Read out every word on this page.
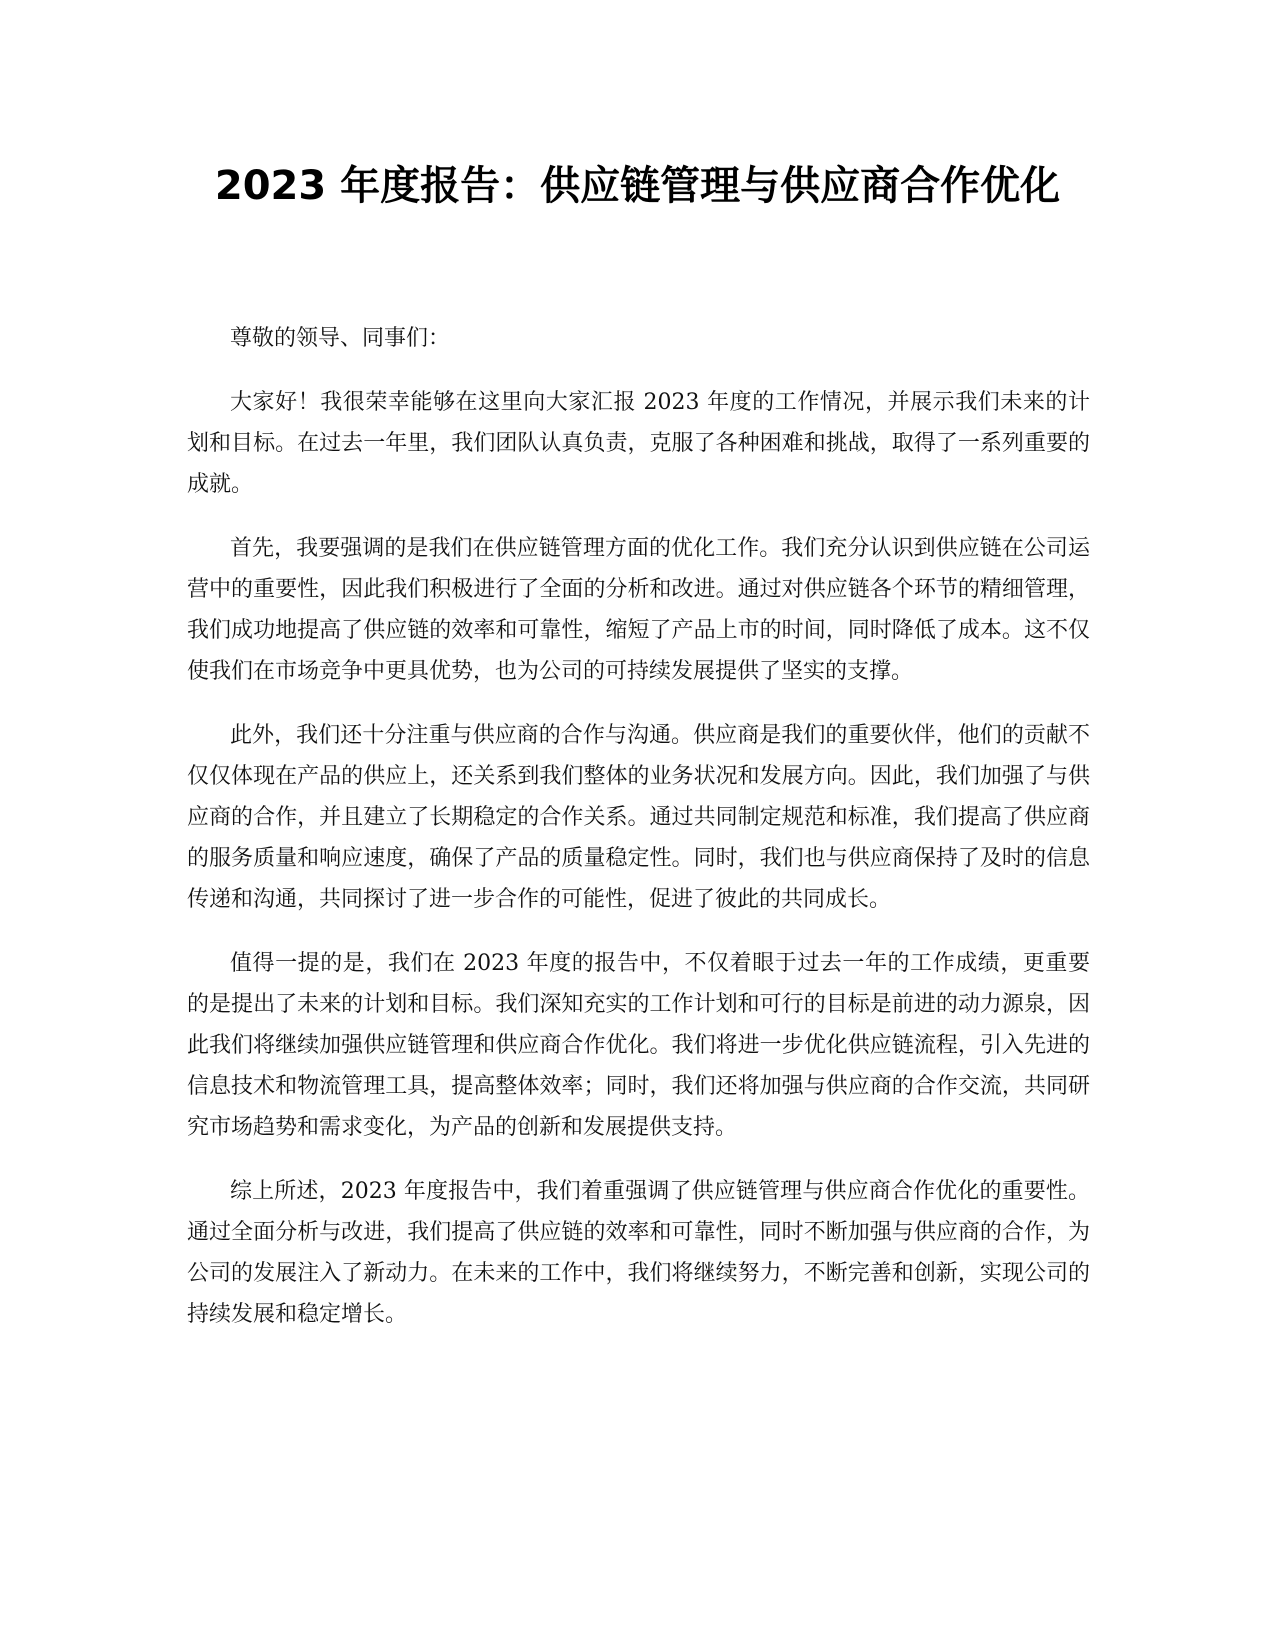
2023 年度报告：供应链管理与供应商合作优化

尊敬的领导、同事们：

大家好！我很荣幸能够在这里向大家汇报 2023 年度的工作情况，并展示我们未来的计划和目标。在过去一年里，我们团队认真负责，克服了各种困难和挑战，取得了一系列重要的成就。

首先，我要强调的是我们在供应链管理方面的优化工作。我们充分认识到供应链在公司运营中的重要性，因此我们积极进行了全面的分析和改进。通过对供应链各个环节的精细管理，我们成功地提高了供应链的效率和可靠性，缩短了产品上市的时间，同时降低了成本。这不仅使我们在市场竞争中更具优势，也为公司的可持续发展提供了坚实的支撑。

此外，我们还十分注重与供应商的合作与沟通。供应商是我们的重要伙伴，他们的贡献不仅仅体现在产品的供应上，还关系到我们整体的业务状况和发展方向。因此，我们加强了与供应商的合作，并且建立了长期稳定的合作关系。通过共同制定规范和标准，我们提高了供应商的服务质量和响应速度，确保了产品的质量稳定性。同时，我们也与供应商保持了及时的信息传递和沟通，共同探讨了进一步合作的可能性，促进了彼此的共同成长。

值得一提的是，我们在 2023 年度的报告中，不仅着眼于过去一年的工作成绩，更重要的是提出了未来的计划和目标。我们深知充实的工作计划和可行的目标是前进的动力源泉，因此我们将继续加强供应链管理和供应商合作优化。我们将进一步优化供应链流程，引入先进的信息技术和物流管理工具，提高整体效率；同时，我们还将加强与供应商的合作交流，共同研究市场趋势和需求变化，为产品的创新和发展提供支持。

综上所述，2023 年度报告中，我们着重强调了供应链管理与供应商合作优化的重要性。通过全面分析与改进，我们提高了供应链的效率和可靠性，同时不断加强与供应商的合作，为公司的发展注入了新动力。在未来的工作中，我们将继续努力，不断完善和创新，实现公司的持续发展和稳定增长。
